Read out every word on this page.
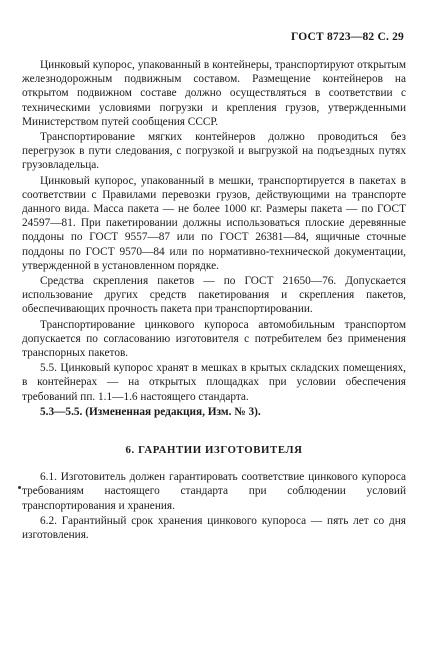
ГОСТ 8723—82 С. 29

Цинковый купорос, упакованный в контейнеры, транспортируют открытым железнодорожным подвижным составом. Размещение контейнеров на открытом подвижном составе должно осуществляться в соответствии с техническими условиями погрузки и крепления грузов, утвержденными Министерством путей сообщения СССР.

Транспортирование мягких контейнеров должно проводиться без перегрузок в пути следования, с погрузкой и выгрузкой на подъездных путях грузовладельца.

Цинковый купорос, упакованный в мешки, транспортируется в пакетах в соответствии с Правилами перевозки грузов, действующими на транспорте данного вида. Масса пакета — не более 1000 кг. Размеры пакета — по ГОСТ 24597—81. При пакетировании должны использоваться плоские деревянные поддоны по ГОСТ 9557—87 или по ГОСТ 26381—84, ящичные сточные поддоны по ГОСТ 9570—84 или по нормативно-технической документации, утвержденной в установленном порядке.

Средства скрепления пакетов — по ГОСТ 21650—76. Допускается использование других средств пакетирования и скрепления пакетов, обеспечивающих прочность пакета при транспортировании.

Транспортирование цинкового купороса автомобильным транспортом допускается по согласованию изготовителя с потребителем без применения транспорных пакетов.

5.5. Цинковый купорос хранят в мешках в крытых складских помещениях, в контейнерах — на открытых площадках при условии обеспечения требований пп. 1.1—1.6 настоящего стандарта.

5.3—5.5. (Измененная редакция, Изм. № 3).

6. ГАРАНТИИ ИЗГОТОВИТЕЛЯ

6.1. Изготовитель должен гарантировать соответствие цинкового купороса требованиям настоящего стандарта при соблюдении условий транспортирования и хранения.

6.2. Гарантийный срок хранения цинкового купороса — пять лет со дня изготовления.
